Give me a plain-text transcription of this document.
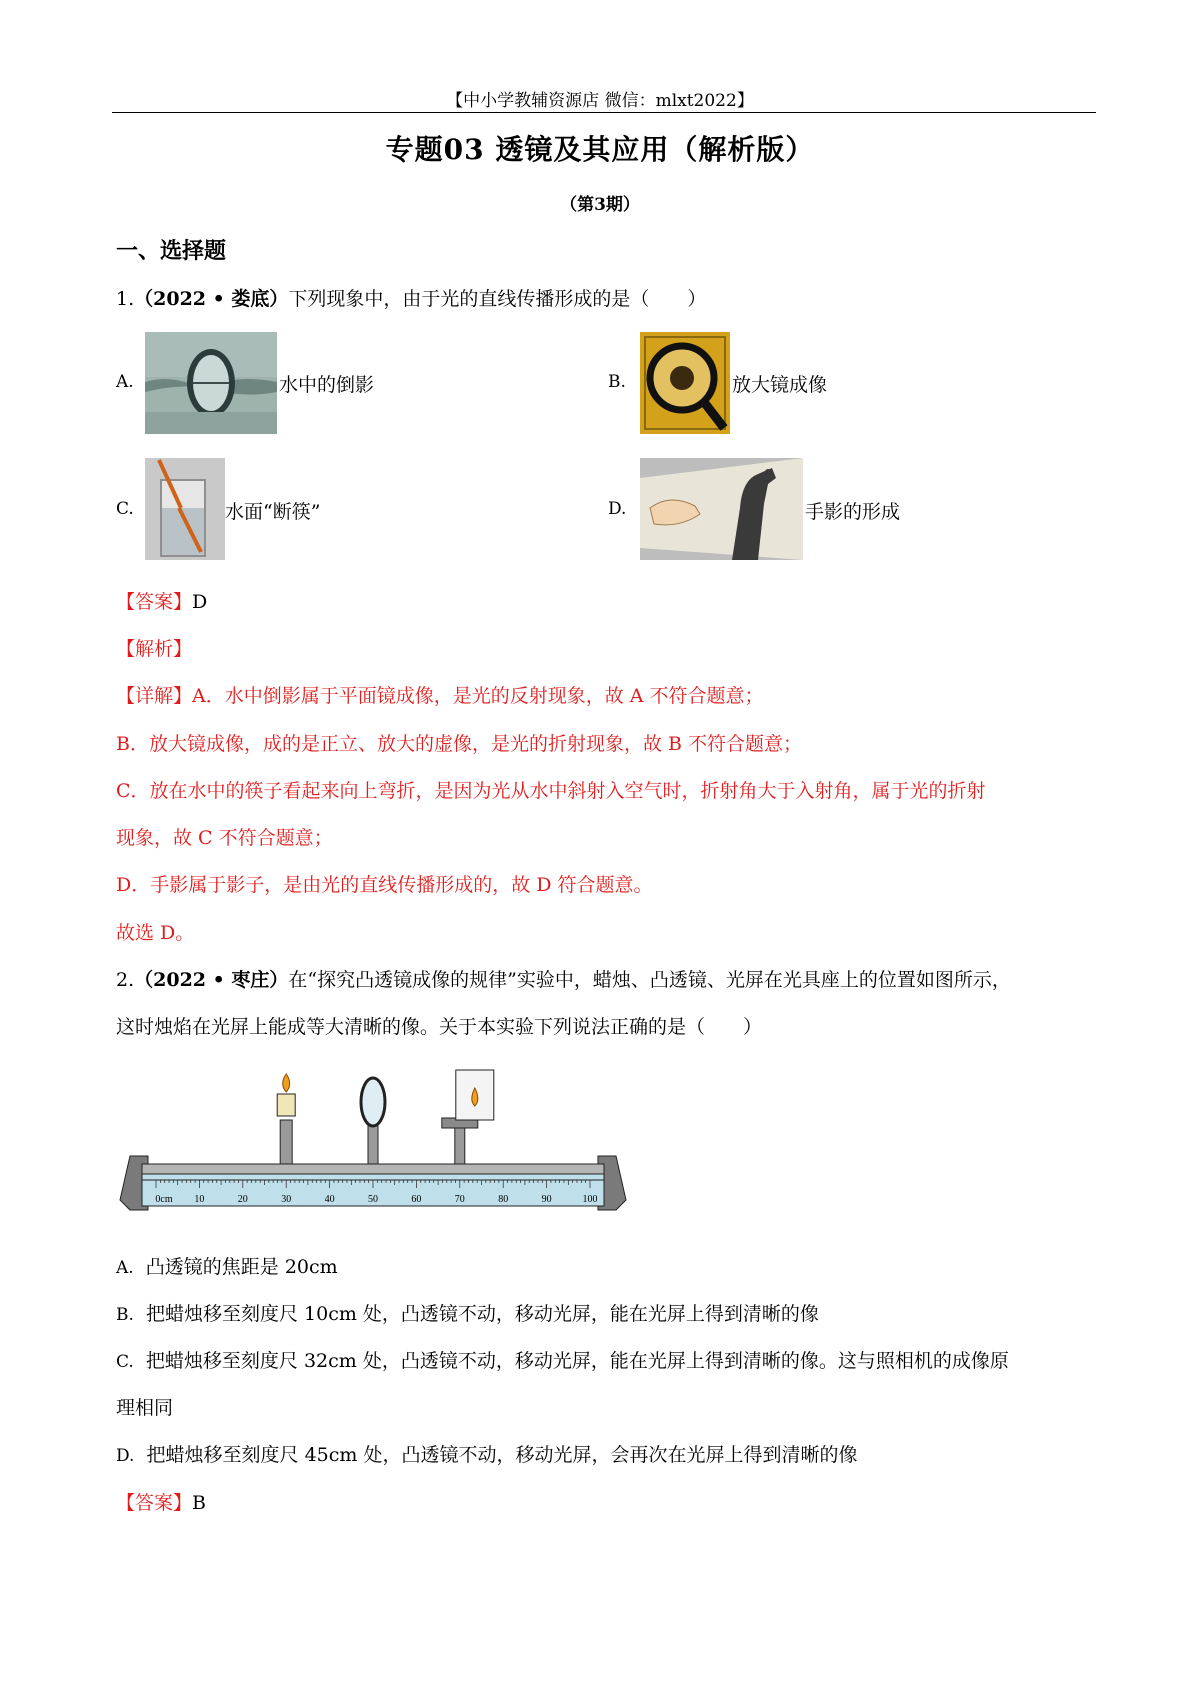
【中小学教辅资源店 微信：mlxt2022】
专题03 透镜及其应用（解析版）
（第3期）
一、选择题
1.（2022 • 娄底）下列现象中，由于光的直线传播形成的是（　　）
A.	水中的倒影	B.	放大镜成像
C.	水面“断筷”	D.	手影的形成
【答案】D
【解析】
【详解】A．水中倒影属于平面镜成像，是光的反射现象，故 A 不符合题意；
B．放大镜成像，成的是正立、放大的虚像，是光的折射现象，故 B 不符合题意；
C．放在水中的筷子看起来向上弯折，是因为光从水中斜射入空气时，折射角大于入射角，属于光的折射
现象，故 C 不符合题意；
D．手影属于影子，是由光的直线传播形成的，故 D 符合题意。
故选 D。
2.（2022 • 枣庄）在“探究凸透镜成像的规律”实验中，蜡烛、凸透镜、光屏在光具座上的位置如图所示，
这时烛焰在光屏上能成等大清晰的像。关于本实验下列说法正确的是（　　）
0cm 10	20	30	40	50	60	70	80	90	100
A. 凸透镜的焦距是 20cm
B. 把蜡烛移至刻度尺 10cm 处，凸透镜不动，移动光屏，能在光屏上得到清晰的像
C. 把蜡烛移至刻度尺 32cm 处，凸透镜不动，移动光屏，能在光屏上得到清晰的像。这与照相机的成像原
理相同
D. 把蜡烛移至刻度尺 45cm 处，凸透镜不动，移动光屏，会再次在光屏上得到清晰的像
【答案】B
